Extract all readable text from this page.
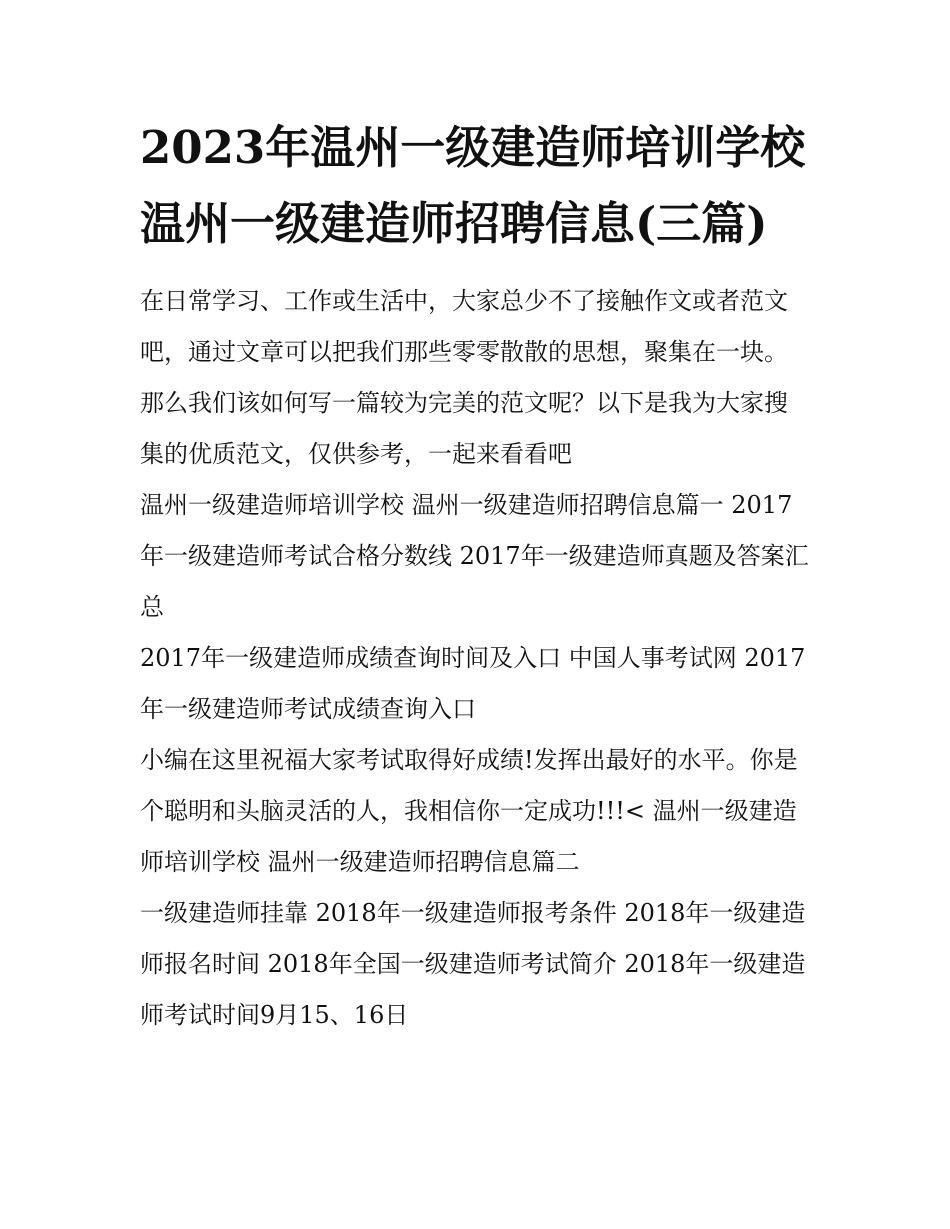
2023年温州一级建造师培训学校 温州一级建造师招聘信息(三篇)

在日常学习、工作或生活中，大家总少不了接触作文或者范文吧，通过文章可以把我们那些零零散散的思想，聚集在一块。那么我们该如何写一篇较为完美的范文呢？以下是我为大家搜集的优质范文，仅供参考，一起来看看吧

温州一级建造师培训学校 温州一级建造师招聘信息篇一 2017年一级建造师考试合格分数线 2017年一级建造师真题及答案汇总

2017年一级建造师成绩查询时间及入口 中国人事考试网 2017年一级建造师考试成绩查询入口

小编在这里祝福大家考试取得好成绩!发挥出最好的水平。你是个聪明和头脑灵活的人，我相信你一定成功!!!< 温州一级建造师培训学校 温州一级建造师招聘信息篇二

一级建造师挂靠 2018年一级建造师报考条件 2018年一级建造师报名时间 2018年全国一级建造师考试简介 2018年一级建造师考试时间9月15、16日
